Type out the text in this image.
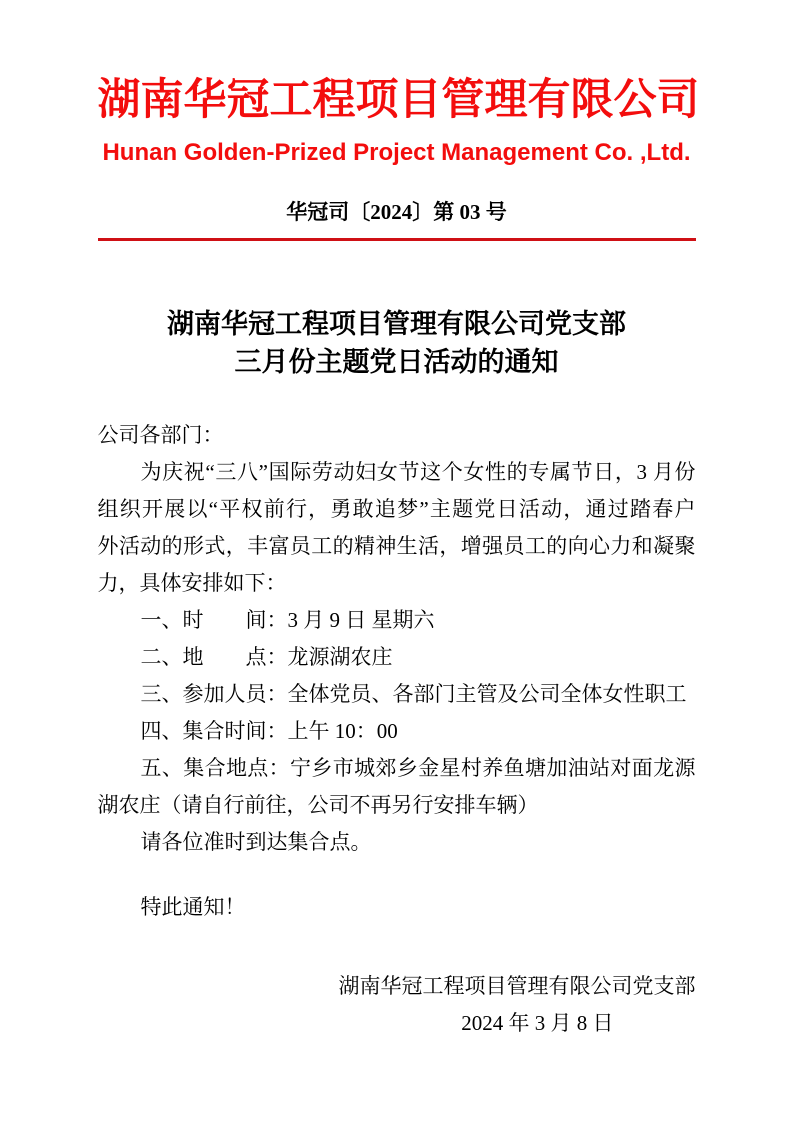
湖南华冠工程项目管理有限公司
Hunan Golden-Prized Project Management Co. ,Ltd.
华冠司〔2024〕第 03 号
湖南华冠工程项目管理有限公司党支部
三月份主题党日活动的通知

公司各部门：

为庆祝“三八”国际劳动妇女节这个女性的专属节日，3 月份

组织开展以“平权前行，勇敢追梦”主题党日活动，通过踏春户

外活动的形式，丰富员工的精神生活，增强员工的向心力和凝聚

力，具体安排如下：

一、时　　间：3 月 9 日 星期六

二、地　　点：龙源湖农庄

三、参加人员：全体党员、各部门主管及公司全体女性职工

四、集合时间：上午 10：00

五、集合地点：宁乡市城郊乡金星村养鱼塘加油站对面龙源

湖农庄（请自行前往，公司不再另行安排车辆）

请各位准时到达集合点。

特此通知！

湖南华冠工程项目管理有限公司党支部

2024 年 3 月 8 日
